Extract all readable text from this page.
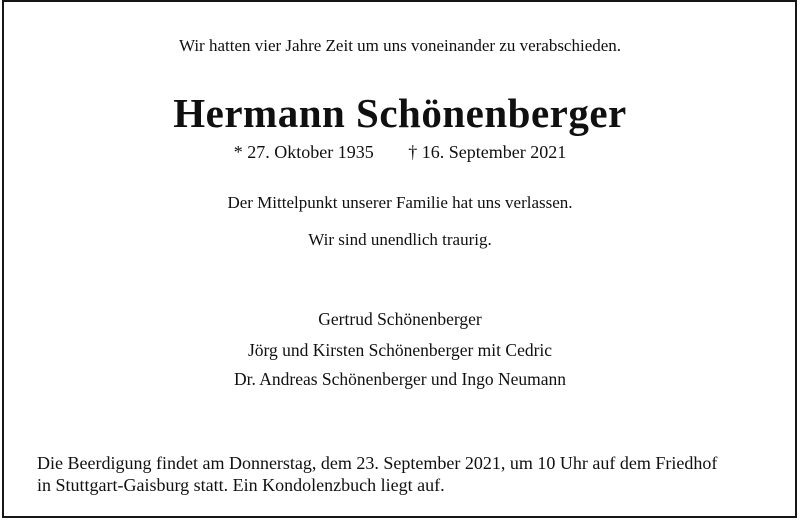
Wir hatten vier Jahre Zeit um uns voneinander zu verabschieden.
Hermann Schönenberger
* 27. Oktober 1935 † 16. September 2021
Der Mittelpunkt unserer Familie hat uns verlassen.
Wir sind unendlich traurig.
Gertrud Schönenberger
Jörg und Kirsten Schönenberger mit Cedric
Dr. Andreas Schönenberger und Ingo Neumann
Die Beerdigung findet am Donnerstag, dem 23. September 2021, um 10 Uhr auf dem Friedhof
in Stuttgart-Gaisburg statt. Ein Kondolenzbuch liegt auf.
